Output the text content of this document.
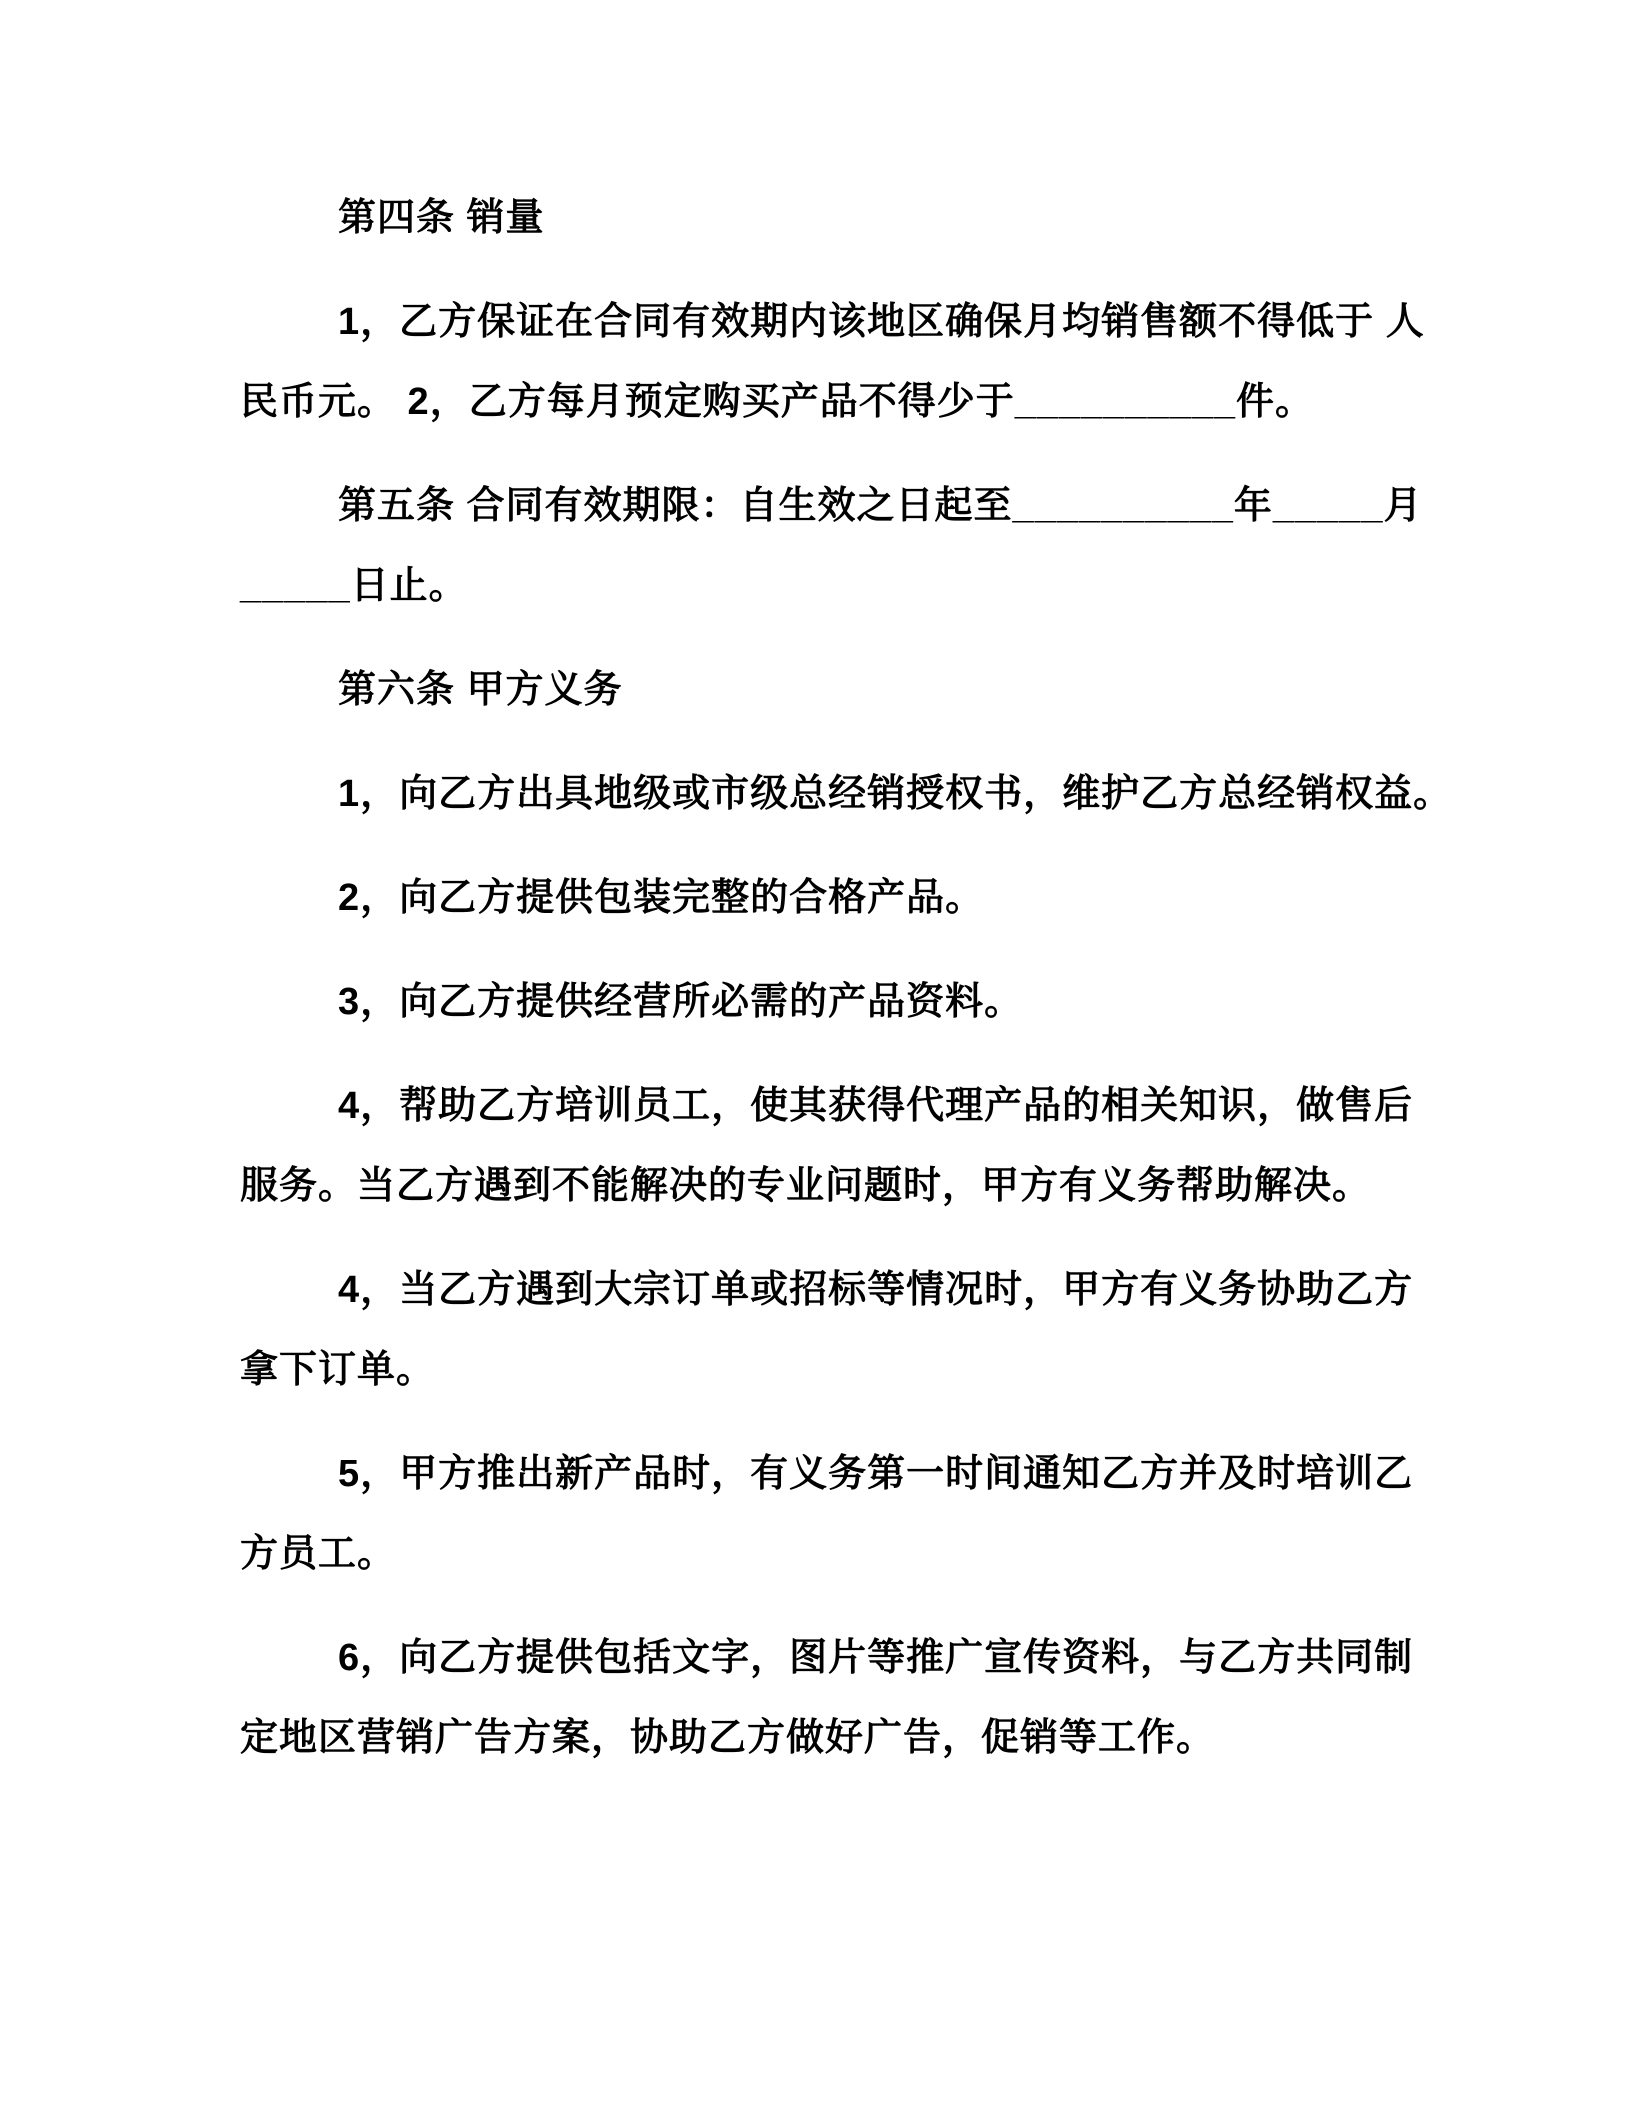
第四条 销量
1，乙方保证在合同有效期内该地区确保月均销售额不得低于 人
民币元。 2，乙方每月预定购买产品不得少于__________件。
第五条 合同有效期限：自生效之日起至__________年_____月
_____日止。
第六条 甲方义务
1，向乙方出具地级或市级总经销授权书，维护乙方总经销权益。
2，向乙方提供包装完整的合格产品。
3，向乙方提供经营所必需的产品资料。
4，帮助乙方培训员工，使其获得代理产品的相关知识，做售后
服务。当乙方遇到不能解决的专业问题时，甲方有义务帮助解决。
4，当乙方遇到大宗订单或招标等情况时，甲方有义务协助乙方
拿下订单。
5，甲方推出新产品时，有义务第一时间通知乙方并及时培训乙
方员工。
6，向乙方提供包括文字，图片等推广宣传资料，与乙方共同制
定地区营销广告方案，协助乙方做好广告，促销等工作。
